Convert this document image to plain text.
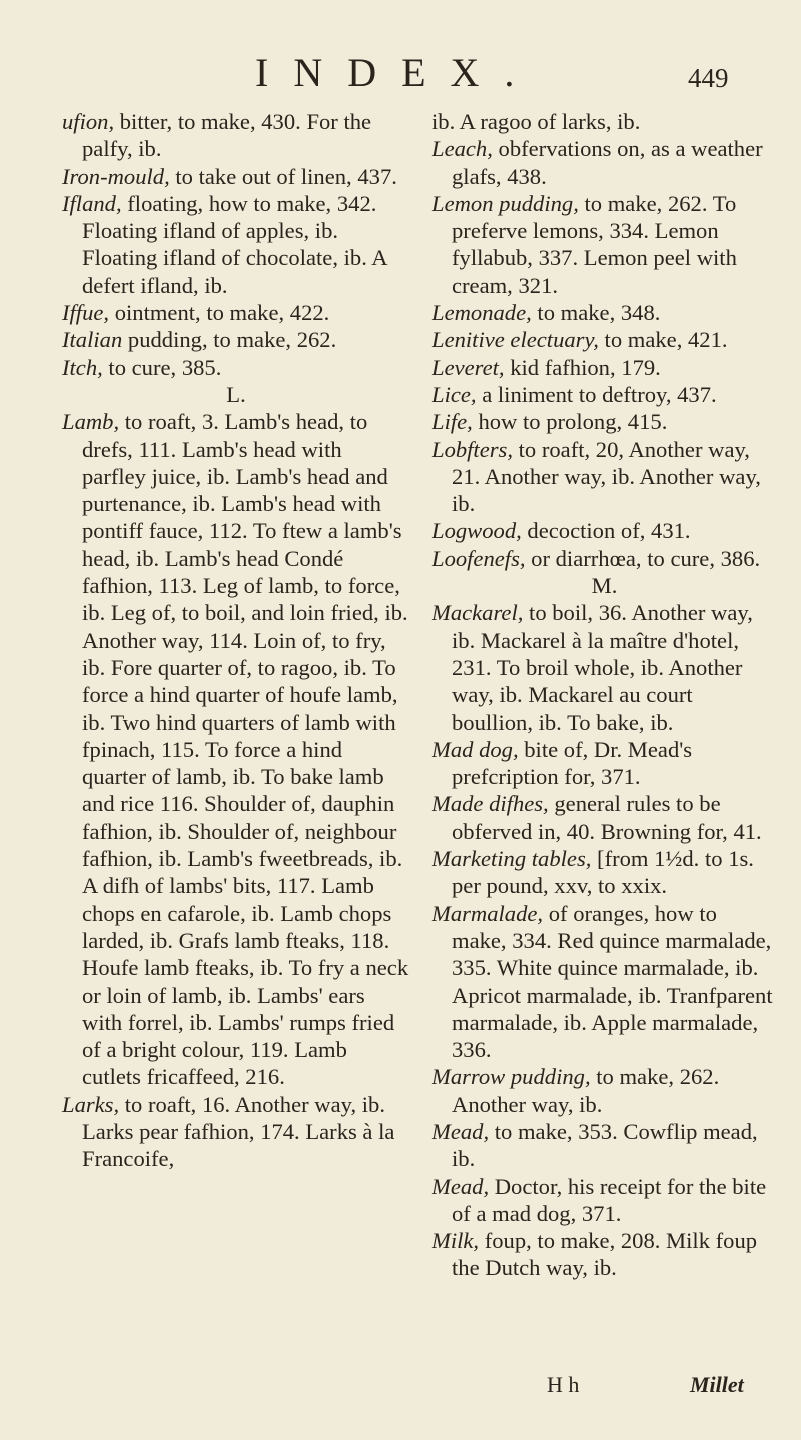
INDEX.	449

ufion, bitter, to make, 430. For the palfy, ib.

Iron-mould, to take out of linen, 437.

Ifland, floating, how to make, 342. Floating ifland of apples, ib. Floating ifland of chocolate, ib. A defert ifland, ib.

Iffue, ointment, to make, 422.

Italian pudding, to make, 262.

Itch, to cure, 385.

L.

Lamb, to roaft, 3. Lamb's head, to drefs, 111. Lamb's head with parfley juice, ib. Lamb's head and purtenance, ib. Lamb's head with pontiff fauce, 112. To ftew a lamb's head, ib. Lamb's head Condé fafhion, 113. Leg of lamb, to force, ib. Leg of, to boil, and loin fried, ib. Another way, 114. Loin of, to fry, ib. Fore quarter of, to ragoo, ib. To force a hind quarter of houfe lamb, ib. Two hind quarters of lamb with fpinach, 115. To force a hind quarter of lamb, ib. To bake lamb and rice 116. Shoulder of, dauphin fafhion, ib. Shoulder of, neighbour fafhion, ib. Lamb's fweetbreads, ib. A difh of lambs' bits, 117. Lamb chops en cafarole, ib. Lamb chops larded, ib. Grafs lamb fteaks, 118. Houfe lamb fteaks, ib. To fry a neck or loin of lamb, ib. Lambs' ears with forrel, ib. Lambs' rumps fried of a bright colour, 119. Lamb cutlets fricaffeed, 216.

Larks, to roaft, 16. Another way, ib. Larks pear fafhion, 174. Larks à la Francoife,

ib. A ragoo of larks, ib.

Leach, obfervations on, as a weather glafs, 438.

Lemon pudding, to make, 262. To preferve lemons, 334. Lemon fyllabub, 337. Lemon peel with cream, 321.

Lemonade, to make, 348.

Lenitive electuary, to make, 421.

Leveret, kid fafhion, 179.

Lice, a liniment to deftroy, 437.

Life, how to prolong, 415.

Lobfters, to roaft, 20, Another way, 21. Another way, ib. Another way, ib.

Logwood, decoction of, 431.

Loofenefs, or diarrhœa, to cure, 386.

M.

Mackarel, to boil, 36. Another way, ib. Mackarel à la maître d'hotel, 231. To broil whole, ib. Another way, ib. Mackarel au court boullion, ib. To bake, ib.

Mad dog, bite of, Dr. Mead's prefcription for, 371.

Made difhes, general rules to be obferved in, 40. Browning for, 41.

Marketing tables, [from 1½d. to 1s. per pound, xxv, to xxix.

Marmalade, of oranges, how to make, 334. Red quince marmalade, 335. White quince marmalade, ib. Apricot marmalade, ib. Tranfparent marmalade, ib. Apple marmalade, 336.

Marrow pudding, to make, 262. Another way, ib.

Mead, to make, 353. Cowflip mead, ib.

Mead, Doctor, his receipt for the bite of a mad dog, 371.

Milk, foup, to make, 208. Milk foup the Dutch way, ib.

H h	Millet
